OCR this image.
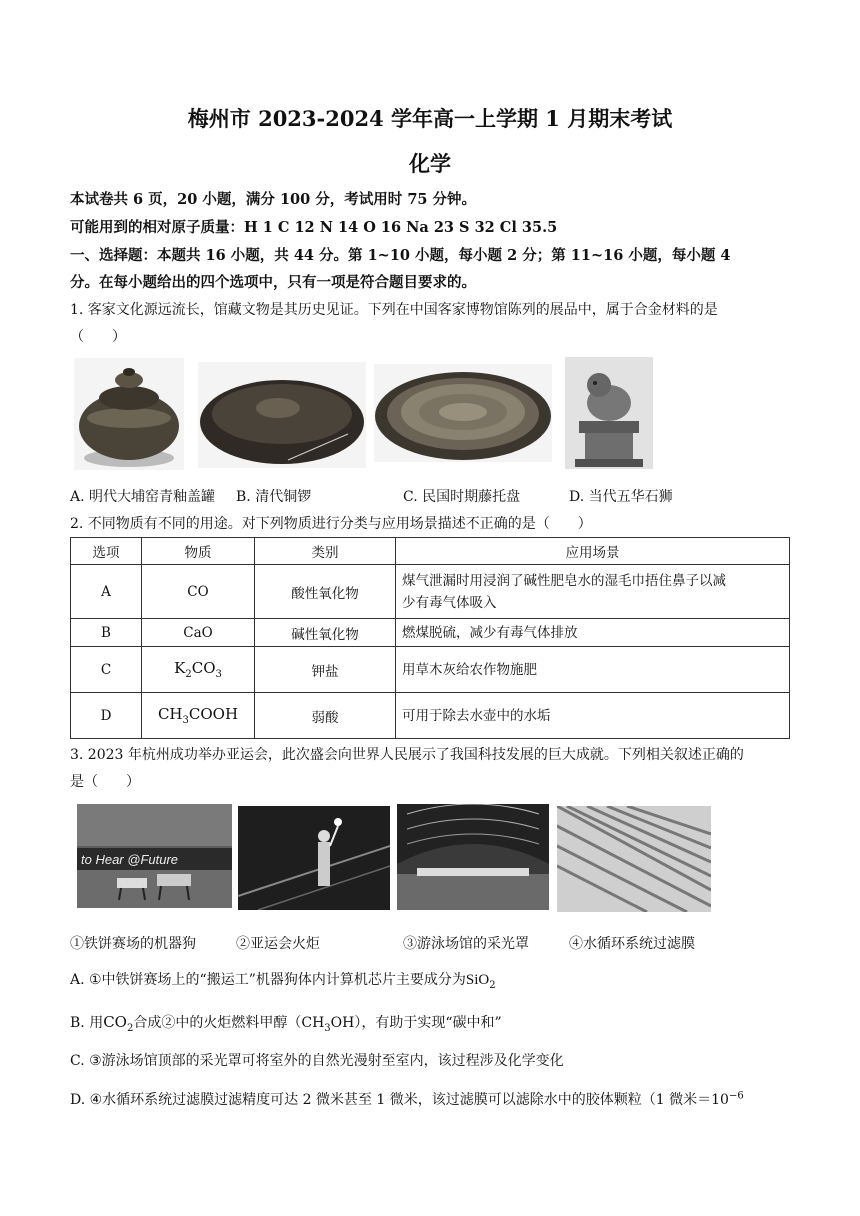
梅州市 2023-2024 学年高一上学期 1 月期末考试
化学
本试卷共 6 页，20 小题，满分 100 分，考试用时 75 分钟。
可能用到的相对原子质量：H 1 C 12 N 14 O 16 Na 23 S 32 Cl 35.5
一、选择题：本题共 16 小题，共 44 分。第 1~10 小题，每小题 2 分；第 11~16 小题，每小题 4
分。在每小题给出的四个选项中，只有一项是符合题目要求的。
1. 客家文化源远流长，馆藏文物是其历史见证。下列在中国客家博物馆陈列的展品中，属于合金材料的是
（　　）
A. 明代大埔窑青釉盖罐 B. 清代铜锣	C. 民国时期藤托盘	D. 当代五华石狮
2. 不同物质有不同的用途。对下列物质进行分类与应用场景描述不正确的是（　　）
选项	物质	类别	应用场景
A	CO	酸性氧化物	煤气泄漏时用浸润了碱性肥皂水的湿毛巾捂住鼻子以减
少有毒气体吸入
B	CaO	碱性氧化物	燃煤脱硫，减少有毒气体排放
C	$K_2CO_3$	钾盐	用草木灰给农作物施肥
D	$CH_3COOH$	弱酸	可用于除去水壶中的水垢
3. 2023 年杭州成功举办亚运会，此次盛会向世界人民展示了我国科技发展的巨大成就。下列相关叙述正确的
是（　　）
to Hear @Future
①铁饼赛场的机器狗	②亚运会火炬	③游泳场馆的采光罩	④水循环系统过滤膜
A. ①中铁饼赛场上的“搬运工”机器狗体内计算机芯片主要成分为SiO$_2$
B. 用$CO_2$合成②中的火炬燃料甲醇$(CH_3OH)$，有助于实现“碳中和”
C. ③游泳场馆顶部的采光罩可将室外的自然光漫射至室内，该过程涉及化学变化
D. ④水循环系统过滤膜过滤精度可达 2 微米甚至 1 微米，该过滤膜可以滤除水中的胶体颗粒（1 微米$=10^{-6}$
